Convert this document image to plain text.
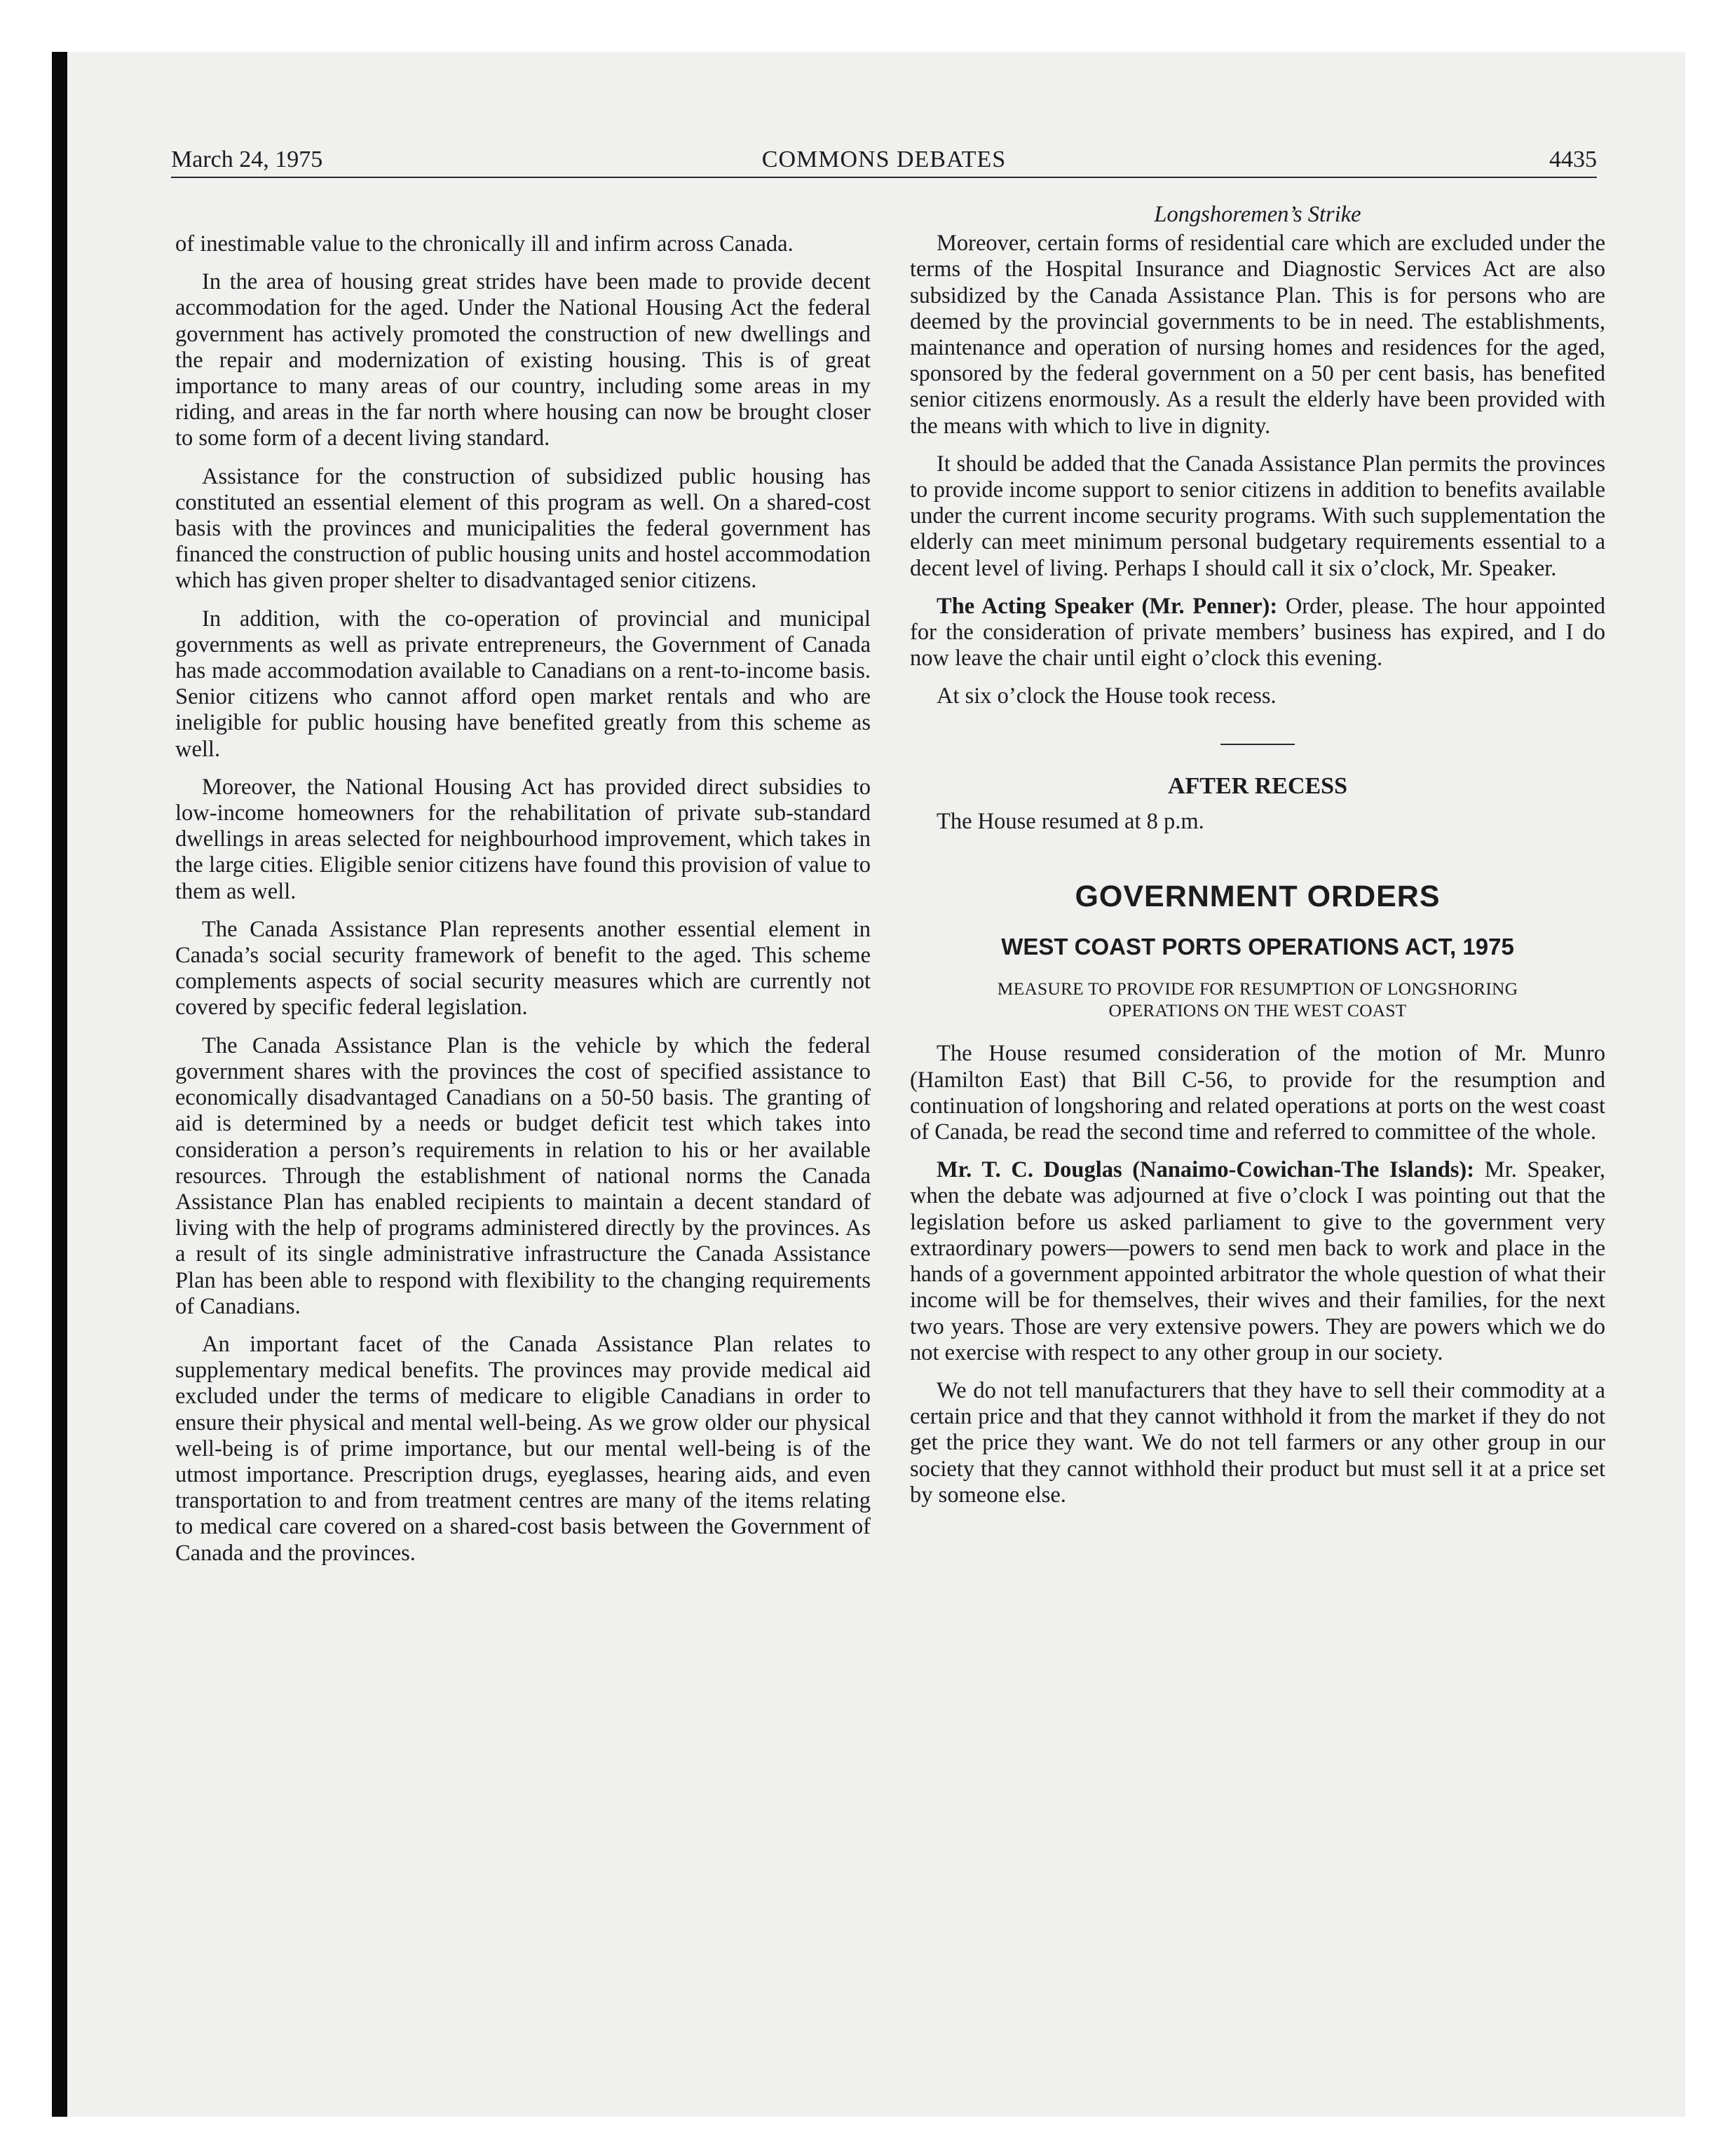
March 24, 1975	COMMONS DEBATES	4435

of inestimable value to the chronically ill and infirm across Canada.

In the area of housing great strides have been made to provide decent accommodation for the aged. Under the National Housing Act the federal government has actively promoted the construction of new dwellings and the repair and modernization of existing housing. This is of great importance to many areas of our country, including some areas in my riding, and areas in the far north where housing can now be brought closer to some form of a decent living standard.

Assistance for the construction of subsidized public housing has constituted an essential element of this program as well. On a shared-cost basis with the provinces and municipalities the federal government has financed the construction of public housing units and hostel accommodation which has given proper shelter to disadvantaged senior citizens.

In addition, with the co-operation of provincial and municipal governments as well as private entrepreneurs, the Government of Canada has made accommodation available to Canadians on a rent-to-income basis. Senior citizens who cannot afford open market rentals and who are ineligible for public housing have benefited greatly from this scheme as well.

Moreover, the National Housing Act has provided direct subsidies to low-income homeowners for the rehabilitation of private sub-standard dwellings in areas selected for neighbourhood improvement, which takes in the large cities. Eligible senior citizens have found this provision of value to them as well.

The Canada Assistance Plan represents another essential element in Canada’s social security framework of benefit to the aged. This scheme complements aspects of social security measures which are currently not covered by specific federal legislation.

The Canada Assistance Plan is the vehicle by which the federal government shares with the provinces the cost of specified assistance to economically disadvantaged Canadians on a 50-50 basis. The granting of aid is determined by a needs or budget deficit test which takes into consideration a person’s requirements in relation to his or her available resources. Through the establishment of national norms the Canada Assistance Plan has enabled recipients to maintain a decent standard of living with the help of programs administered directly by the provinces. As a result of its single administrative infrastructure the Canada Assistance Plan has been able to respond with flexibility to the changing requirements of Canadians.

An important facet of the Canada Assistance Plan relates to supplementary medical benefits. The provinces may provide medical aid excluded under the terms of medicare to eligible Canadians in order to ensure their physical and mental well-being. As we grow older our physical well-being is of prime importance, but our mental well-being is of the utmost importance. Prescription drugs, eyeglasses, hearing aids, and even transportation to and from treatment centres are many of the items relating to medical care covered on a shared-cost basis between the Government of Canada and the provinces.

Longshoremen’s Strike

Moreover, certain forms of residential care which are excluded under the terms of the Hospital Insurance and Diagnostic Services Act are also subsidized by the Canada Assistance Plan. This is for persons who are deemed by the provincial governments to be in need. The establishments, maintenance and operation of nursing homes and residences for the aged, sponsored by the federal government on a 50 per cent basis, has benefited senior citizens enormously. As a result the elderly have been provided with the means with which to live in dignity.

It should be added that the Canada Assistance Plan permits the provinces to provide income support to senior citizens in addition to benefits available under the current income security programs. With such supplementation the elderly can meet minimum personal budgetary requirements essential to a decent level of living. Perhaps I should call it six o’clock, Mr. Speaker.

The Acting Speaker (Mr. Penner): Order, please. The hour appointed for the consideration of private members’ business has expired, and I do now leave the chair until eight o’clock this evening.

At six o’clock the House took recess.

AFTER RECESS

The House resumed at 8 p.m.

GOVERNMENT ORDERS
WEST COAST PORTS OPERATIONS ACT, 1975
MEASURE TO PROVIDE FOR RESUMPTION OF LONGSHORING
OPERATIONS ON THE WEST COAST

The House resumed consideration of the motion of Mr. Munro (Hamilton East) that Bill C-56, to provide for the resumption and continuation of longshoring and related operations at ports on the west coast of Canada, be read the second time and referred to committee of the whole.

Mr. T. C. Douglas (Nanaimo-Cowichan-The Islands): Mr. Speaker, when the debate was adjourned at five o’clock I was pointing out that the legislation before us asked parliament to give to the government very extraordinary powers—powers to send men back to work and place in the hands of a government appointed arbitrator the whole question of what their income will be for themselves, their wives and their families, for the next two years. Those are very extensive powers. They are powers which we do not exercise with respect to any other group in our society.

We do not tell manufacturers that they have to sell their commodity at a certain price and that they cannot withhold it from the market if they do not get the price they want. We do not tell farmers or any other group in our society that they cannot withhold their product but must sell it at a price set by someone else.
